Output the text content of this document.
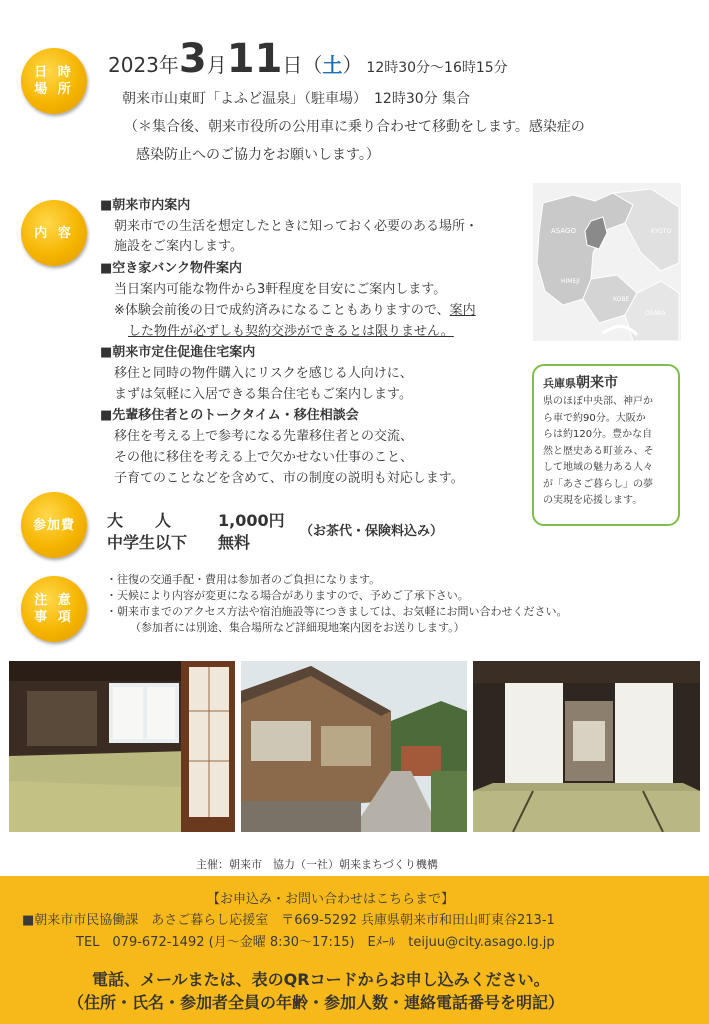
日 時
場 所
2023年3月11日（土） 12時30分～16時15分
朝来市山東町「よふど温泉」（駐車場）　12時30分 集合
（＊集合後、朝来市役所の公用車に乗り合わせて移動をします。感染症の
感染防止へのご協力をお願いします。）
内 容
■朝来市内案内
朝来市での生活を想定したときに知っておく必要のある場所・
施設をご案内します。
■空き家バンク物件案内
当日案内可能な物件から3軒程度を目安にご案内します。
※体験会前後の日で成約済みになることもありますので、案内
した物件が必ずしも契約交渉ができるとは限りません。
■朝来市定住促進住宅案内
移住と同時の物件購入にリスクを感じる人向けに、
まずは気軽に入居できる集合住宅もご案内します。
■先輩移住者とのトークタイム・移住相談会
移住を考える上で参考になる先輩移住者との交流、
その他に移住を考える上で欠かせない仕事のこと、
子育てのことなどを含めて、市の制度の説明も対応します。
ASAGO
HIMEJI
KOBE
OSAKA
KYOTO
兵庫県朝来市
県のほぼ中央部、神戸か
ら車で約90分。大阪か
らは約120分。豊かな自
然と歴史ある町並み、そ
して地域の魅力ある人々
が「あさご暮らし」の夢
の実現を応援します。
参加費	大　　人	1,000円
中学生以下 無料
（お茶代・保険料込み）
注 意
事 項
・往復の交通手配・費用は参加者のご負担になります。
・天候により内容が変更になる場合がありますので、予めご了承下さい。
・朝来市までのアクセス方法や宿泊施設等につきましては、お気軽にお問い合わせください。
（参加者には別途、集合場所など詳細現地案内図をお送りします。）
主催：朝来市　協力（一社）朝来まちづくり機構
【お申込み・お問い合わせはこちらまで】
■朝来市市民協働課　あさご暮らし応援室　〒669-5292 兵庫県朝来市和田山町東谷213-1
TEL　079-672-1492 (月～金曜 8:30～17:15)　Eﾒｰﾙ　teijuu@city.asago.lg.jp
電話、メールまたは、表のQRコードからお申し込みください。
（住所・氏名・参加者全員の年齢・参加人数・連絡電話番号を明記）
